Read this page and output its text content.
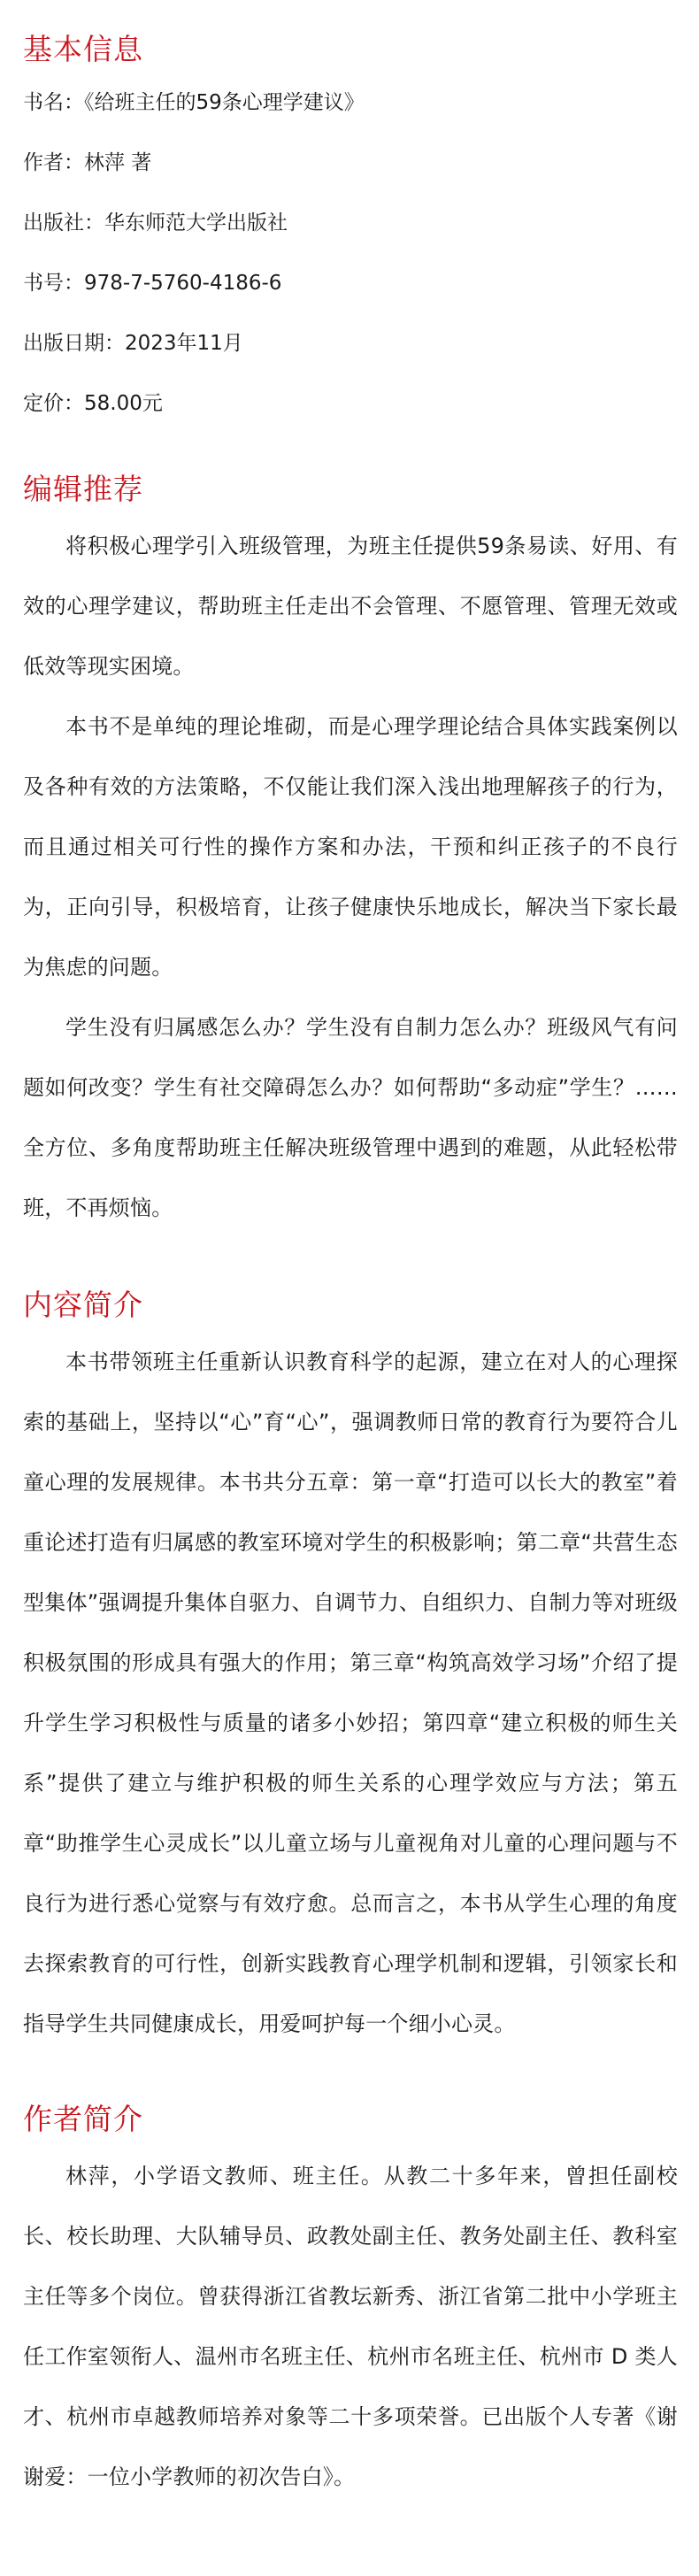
基本信息
书名：《给班主任的59条心理学建议》
作者：林萍 著
出版社：华东师范大学出版社
书号：978-7-5760-4186-6
出版日期：2023年11月
定价：58.00元
编辑推荐

将积极心理学引入班级管理，为班主任提供59条易读、好用、有效的心理学建议，帮助班主任走出不会管理、不愿管理、管理无效或低效等现实困境。

本书不是单纯的理论堆砌，而是心理学理论结合具体实践案例以及各种有效的方法策略，不仅能让我们深入浅出地理解孩子的行为，而且通过相关可行性的操作方案和办法，干预和纠正孩子的不良行为，正向引导，积极培育，让孩子健康快乐地成长，解决当下家长最为焦虑的问题。

学生没有归属感怎么办？学生没有自制力怎么办？班级风气有问题如何改变？学生有社交障碍怎么办？如何帮助“多动症”学生？……全方位、多角度帮助班主任解决班级管理中遇到的难题，从此轻松带班，不再烦恼。

内容简介

本书带领班主任重新认识教育科学的起源，建立在对人的心理探索的基础上，坚持以“心”育“心”，强调教师日常的教育行为要符合儿童心理的发展规律。本书共分五章：第一章“打造可以长大的教室”着重论述打造有归属感的教室环境对学生的积极影响；第二章“共营生态型集体”强调提升集体自驱力、自调节力、自组织力、自制力等对班级积极氛围的形成具有强大的作用；第三章“构筑高效学习场”介绍了提升学生学习积极性与质量的诸多小妙招；第四章“建立积极的师生关系”提供了建立与维护积极的师生关系的心理学效应与方法；第五章“助推学生心灵成长”以儿童立场与儿童视角对儿童的心理问题与不良行为进行悉心觉察与有效疗愈。总而言之，本书从学生心理的角度去探索教育的可行性，创新实践教育心理学机制和逻辑，引领家长和指导学生共同健康成长，用爱呵护每一个细小心灵。

作者简介

林萍，小学语文教师、班主任。从教二十多年来，曾担任副校长、校长助理、大队辅导员、政教处副主任、教务处副主任、教科室主任等多个岗位。曾获得浙江省教坛新秀、浙江省第二批中小学班主任工作室领衔人、温州市名班主任、杭州市名班主任、杭州市 D 类人才、杭州市卓越教师培养对象等二十多项荣誉。已出版个人专著《谢谢爱：一位小学教师的初次告白》。
